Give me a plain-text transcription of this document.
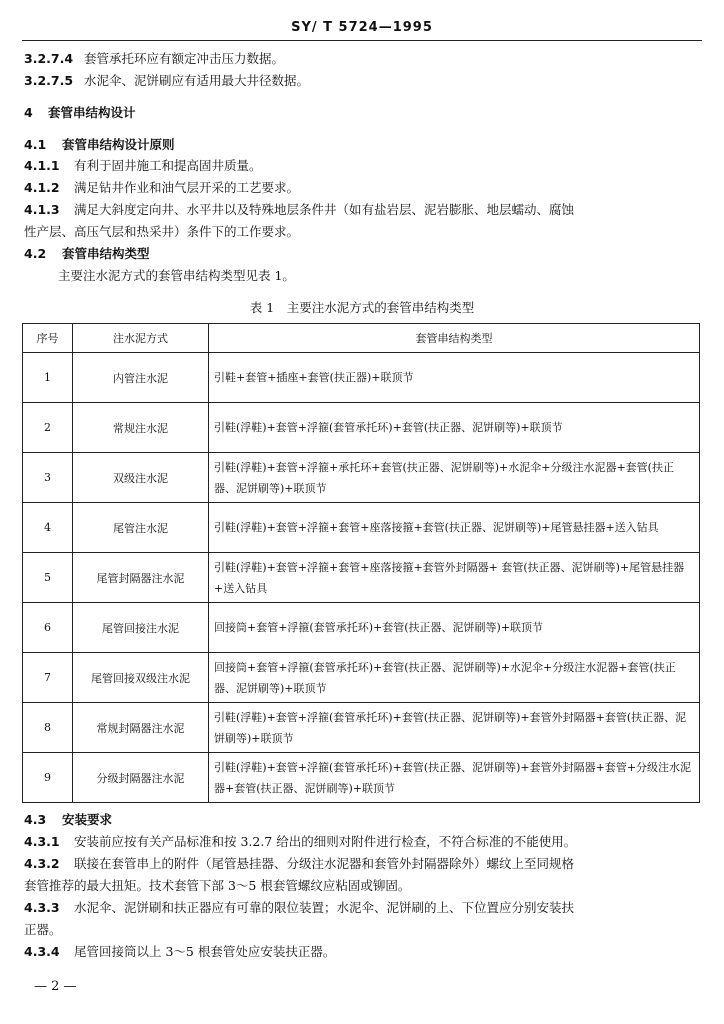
SY/ T 5724—1995
3.2.7.4 套管承托环应有额定冲击压力数据。
3.2.7.5 水泥伞、泥饼刷应有适用最大井径数据。
4 套管串结构设计
4.1 套管串结构设计原则
4.1.1 有利于固井施工和提高固井质量。
4.1.2 满足钻井作业和油气层开采的工艺要求。
4.1.3 满足大斜度定向井、水平井以及特殊地层条件井（如有盐岩层、泥岩膨胀、地层蠕动、腐蚀
性产层、高压气层和热采井）条件下的工作要求。
4.2 套管串结构类型
主要注水泥方式的套管串结构类型见表 1。
表 1　主要注水泥方式的套管串结构类型
序号	注水泥方式	套管串结构类型
1	内管注水泥	引鞋+套管+插座+套管(扶正器)+联顶节
2	常规注水泥	引鞋(浮鞋)+套管+浮箍(套管承托环)+套管(扶正器、泥饼刷等)+联顶节
3	双级注水泥	引鞋(浮鞋)+套管+浮箍+承托环+套管(扶正器、泥饼刷等)+水泥伞+分级注水泥器+套管(扶正器、泥饼刷等)+联顶节
4	尾管注水泥	引鞋(浮鞋)+套管+浮箍+套管+座落接箍+套管(扶正器、泥饼刷等)+尾管悬挂器+送入钻具
5	尾管封隔器注水泥	引鞋(浮鞋)+套管+浮箍+套管+座落接箍+套管外封隔器+ 套管(扶正器、泥饼刷等)+尾管悬挂器+送入钻具
6	尾管回接注水泥	回接筒+套管+浮箍(套管承托环)+套管(扶正器、泥饼刷等)+联顶节
7	尾管回接双级注水泥	回接筒+套管+浮箍(套管承托环)+套管(扶正器、泥饼刷等)+水泥伞+分级注水泥器+套管(扶正器、泥饼刷等)+联顶节
8	常规封隔器注水泥	引鞋(浮鞋)+套管+浮箍(套管承托环)+套管(扶正器、泥饼刷等)+套管外封隔器+套管(扶正器、泥饼刷等)+联顶节
9	分级封隔器注水泥	引鞋(浮鞋)+套管+浮箍(套管承托环)+套管(扶正器、泥饼刷等)+套管外封隔器+套管+分级注水泥器+套管(扶正器、泥饼刷等)+联顶节
4.3 安装要求
4.3.1 安装前应按有关产品标准和按 3.2.7 给出的细则对附件进行检查，不符合标准的不能使用。
4.3.2 联接在套管串上的附件（尾管悬挂器、分级注水泥器和套管外封隔器除外）螺纹上至同规格
套管推荐的最大扭矩。技术套管下部 3～5 根套管螺纹应粘固或铆固。
4.3.3 水泥伞、泥饼刷和扶正器应有可靠的限位装置；水泥伞、泥饼刷的上、下位置应分别安装扶
正器。
4.3.4 尾管回接筒以上 3～5 根套管处应安装扶正器。
— 2 —
